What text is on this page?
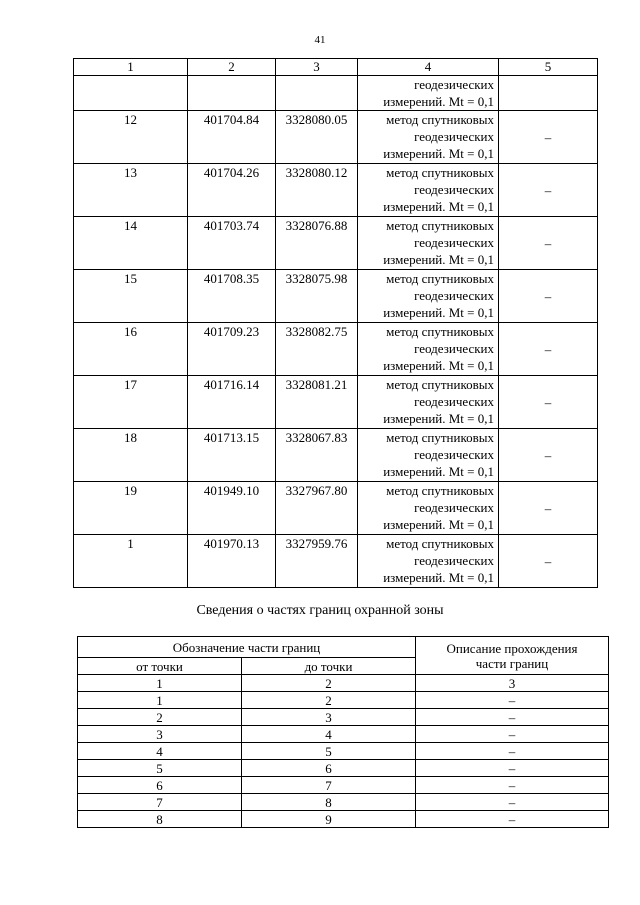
41
1	2	3	4	5

			геодезических
измерений. Mt = 0,1	

12	401704.84	3328080.05	метод спутниковых
геодезических
измерений. Mt = 0,1	–
13	401704.26	3328080.12	метод спутниковых
геодезических
измерений. Mt = 0,1	–
14	401703.74	3328076.88	метод спутниковых
геодезических
измерений. Mt = 0,1	–
15	401708.35	3328075.98	метод спутниковых
геодезических
измерений. Mt = 0,1	–
16	401709.23	3328082.75	метод спутниковых
геодезических
измерений. Mt = 0,1	–
17	401716.14	3328081.21	метод спутниковых
геодезических
измерений. Mt = 0,1	–
18	401713.15	3328067.83	метод спутниковых
геодезических
измерений. Mt = 0,1	–
19	401949.10	3327967.80	метод спутниковых
геодезических
измерений. Mt = 0,1	–
1	401970.13	3327959.76	метод спутниковых
геодезических
измерений. Mt = 0,1	–
Сведения о частях границ охранной зоны
Обозначение части границ		Описание прохождения
части границ

от точки	до точки	
1	2	3
1	2	–
2	3	–
3	4	–
4	5	–
5	6	–
6	7	–
7	8	–
8	9	–
